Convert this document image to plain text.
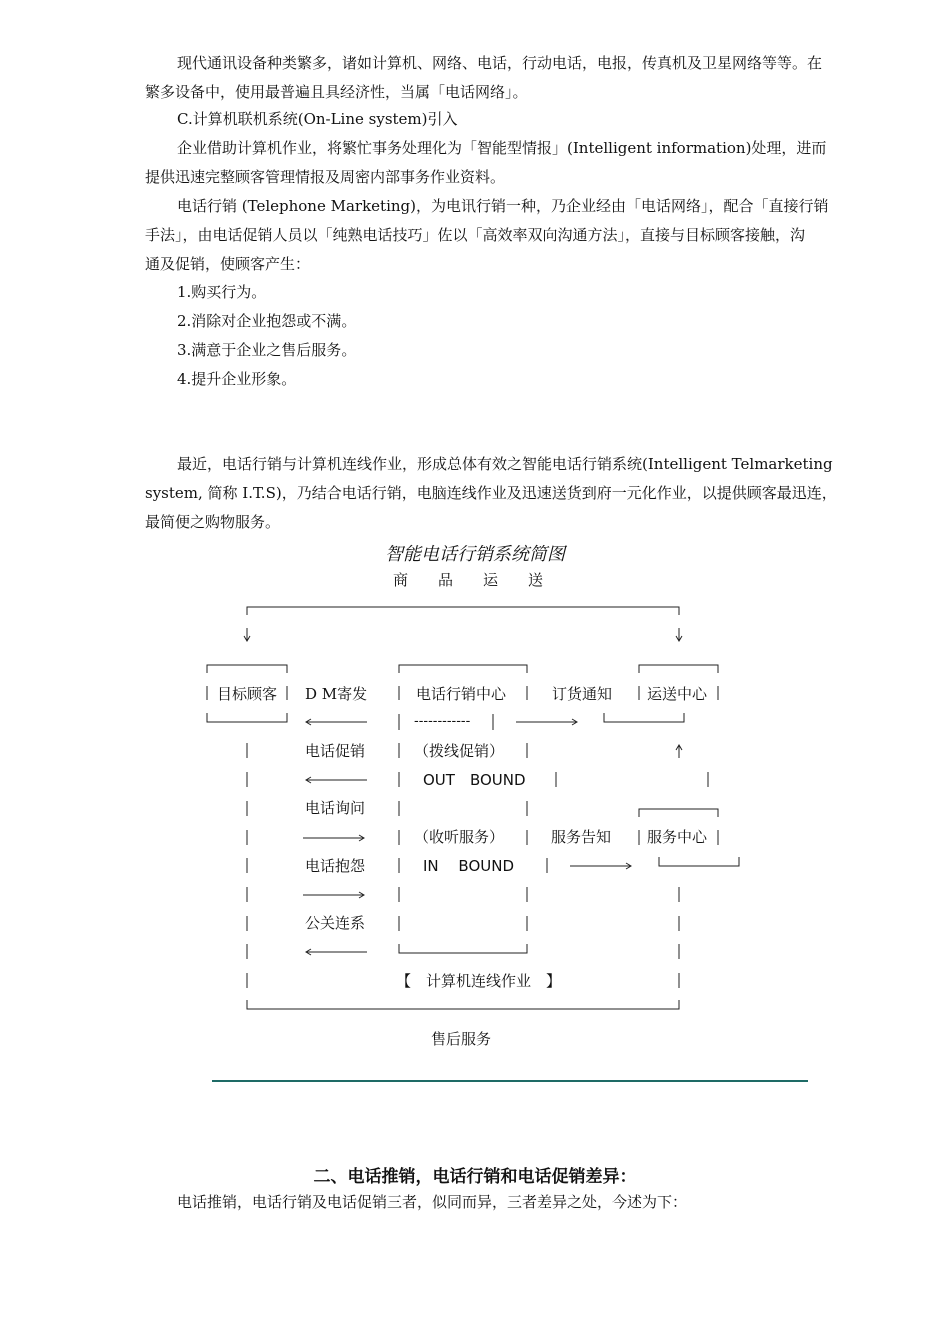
现代通讯设备种类繁多，诸如计算机、网络、电话，行动电话，电报，传真机及卫星网络等等。在
繁多设备中，使用最普遍且具经济性，当属「电话网络」。
C.计算机联机系统(On-Line system)引入
企业借助计算机作业，将繁忙事务处理化为「智能型情报」(Intelligent information)处理，进而
提供迅速完整顾客管理情报及周密内部事务作业资料。
电话行销 (Telephone Marketing)，为电讯行销一种，乃企业经由「电话网络」，配合「直接行销
手法」，由电话促销人员以「纯熟电话技巧」佐以「高效率双向沟通方法」，直接与目标顾客接触，沟
通及促销，使顾客产生：
1.购买行为。
2.消除对企业抱怨或不满。
3.满意于企业之售后服务。
4.提升企业形象。
最近，电话行销与计算机连线作业，形成总体有效之智能电话行销系统(Intelligent Telmarketing
system, 简称 I.T.S)，乃结合电话行销，电脑连线作业及迅速送货到府一元化作业，以提供顾客最迅连，
最简便之购物服务。
智能电话行销系统简图
商　　品　　运　　送
目标顾客 D M寄发	电话行销中心	订货通知 运送中心
------------
电话促销	（拨线促销）
OUT　BOUND
电话询问
（收听服务）	服务告知 服务中心
电话抱怨	IN　 BOUND
公关连系
【　计算机连线作业　】
售后服务
二、电话推销，电话行销和电话促销差异：
电话推销，电话行销及电话促销三者，似同而异，三者差异之处，今述为下：
